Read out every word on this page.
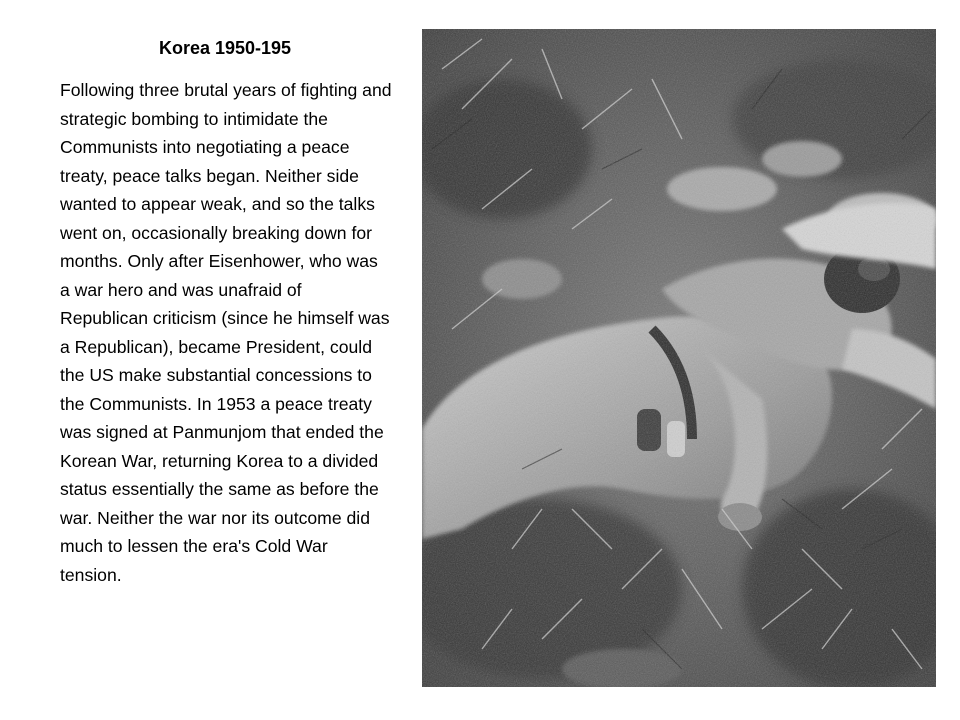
Korea 1950-195
Following three brutal years of fighting and strategic bombing to intimidate the Communists into negotiating a peace treaty, peace talks began. Neither side wanted to appear weak, and so the talks went on, occasionally breaking down for months. Only after Eisenhower, who was a war hero and was unafraid of Republican criticism (since he himself was a Republican), became President, could the US make substantial concessions to the Communists. In 1953 a peace treaty was signed at Panmunjom that ended the Korean War, returning Korea to a divided status essentially the same as before the war. Neither the war nor its outcome did much to lessen the era's Cold War tension.
